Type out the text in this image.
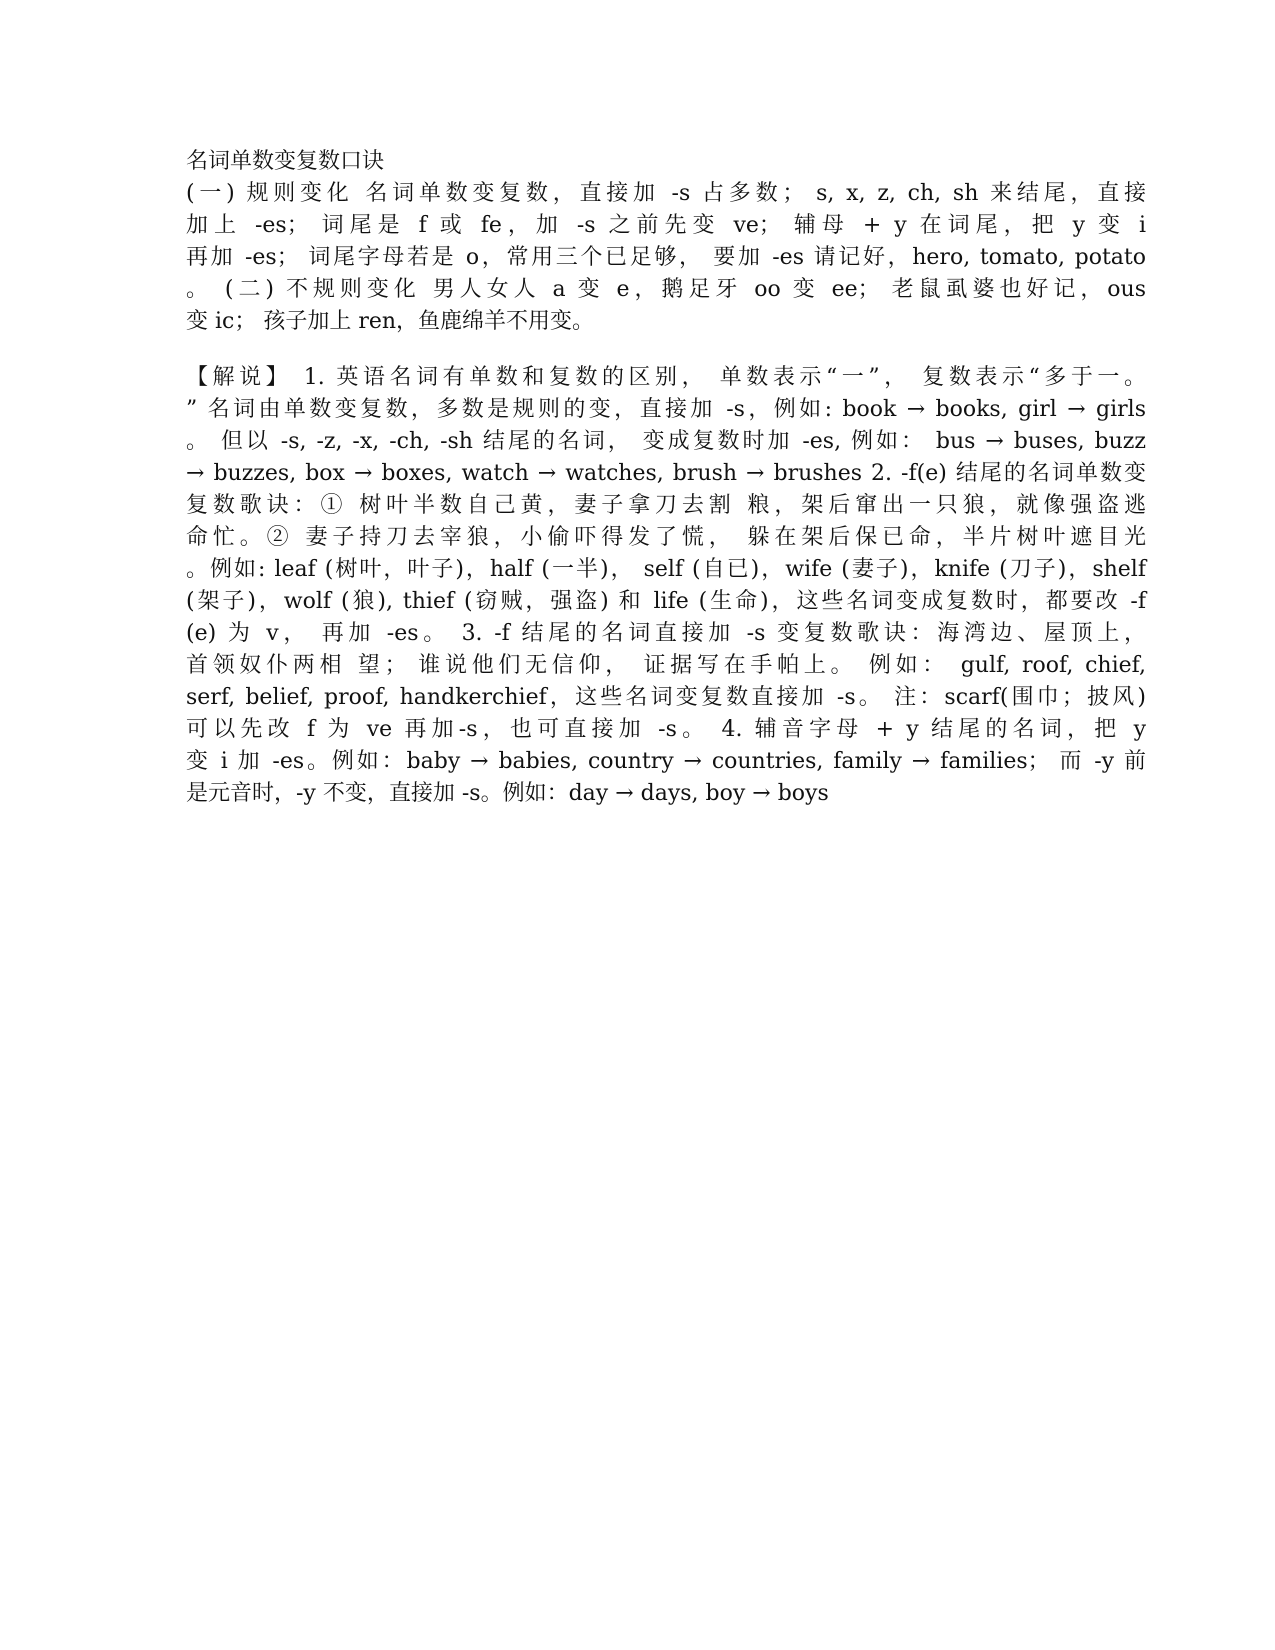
名词单数变复数口诀
(一) 规则变化 名词单数变复数，直接加 -s 占多数； s, x, z, ch, sh 来结尾，直接
加上 -es； 词尾是 f 或 fe，加 -s 之前先变 ve； 辅母 + y 在词尾，把 y 变 i
再加 -es； 词尾字母若是 o，常用三个已足够， 要加 -es 请记好，hero, tomato, potato
。 (二) 不规则变化 男人女人 a 变 e，鹅足牙 oo 变 ee； 老鼠虱婆也好记，ous
变 ic； 孩子加上 ren，鱼鹿绵羊不用变。
【解说】 1. 英语名词有单数和复数的区别， 单数表示“一”， 复数表示“多于一。
” 名词由单数变复数，多数是规则的变，直接加 -s，例如: book → books, girl → girls
。 但以 -s, -z, -x, -ch, -sh 结尾的名词， 变成复数时加 -es, 例如： bus → buses, buzz
→ buzzes, box → boxes, watch → watches, brush → brushes 2. -f(e) 结尾的名词单数变
复数歌诀：① 树叶半数自己黄，妻子拿刀去割 粮，架后窜出一只狼，就像强盗逃
命忙。② 妻子持刀去宰狼，小偷吓得发了慌， 躲在架后保已命，半片树叶遮目光
。例如: leaf (树叶，叶子)，half (一半)， self (自已)，wife (妻子)，knife (刀子)，shelf
(架子)，wolf (狼), thief (窃贼，强盗) 和 life (生命)，这些名词变成复数时，都要改 -f
(e) 为 v， 再加 -es。 3. -f 结尾的名词直接加 -s 变复数歌诀：海湾边、屋顶上，
首领奴仆两相 望； 谁说他们无信仰， 证据写在手帕上。 例如： gulf, roof, chief,
serf, belief, proof, handkerchief，这些名词变复数直接加 -s。 注：scarf(围巾；披风)
可以先改 f 为 ve 再加-s，也可直接加 -s。 4. 辅音字母 + y 结尾的名词，把 y
变 i 加 -es。例如：baby → babies, country → countries, family → families； 而 -y 前
是元音时，-y 不变，直接加 -s。例如：day → days, boy → boys
